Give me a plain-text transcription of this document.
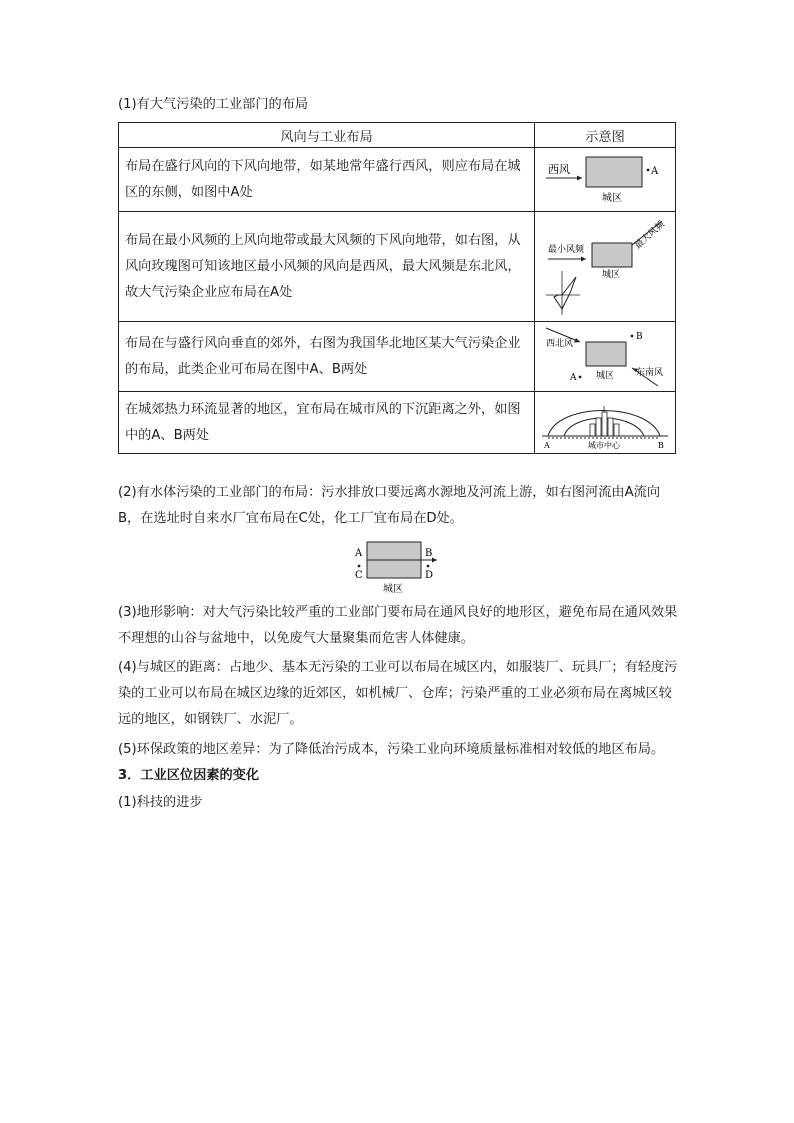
(1)有大气污染的工业部门的布局
风向与工业布局	示意图
布局在盛行风向的下风向地带，如某地常年盛行西风，则应布局在城区的东侧，如图中A处	西风 A
城区

布局在最小风频的上风向地带或最大风频的下风向地带，如右图，从风向玫瑰图可知该地区最小风频的风向是西风，最大风频是东北风，故大气污染企业应布局在A处	最小风频
城区
最大风频

布局在与盛行风向垂直的郊外，右图为我国华北地区某大气污染企业的布局，此类企业可布局在图中A、B两处	西北风
B
A 城区 东南风

在城郊热力环流显著的地区，宜布局在城市风的下沉距离之外，如图中的A、B两处	A 城市中心 B
(2)有水体污染的工业部门的布局：污水排放口要远离水源地及河流上游，如右图河流由A流向B，在选址时自来水厂宜布局在C处，化工厂宜布局在D处。
A	B
C	D
城区
(3)地形影响：对大气污染比较严重的工业部门要布局在通风良好的地形区，避免布局在通风效果不理想的山谷与盆地中，以免废气大量聚集而危害人体健康。
(4)与城区的距离：占地少、基本无污染的工业可以布局在城区内，如服装厂、玩具厂；有轻度污染的工业可以布局在城区边缘的近郊区，如机械厂、仓库；污染严重的工业必须布局在离城区较远的地区，如钢铁厂、水泥厂。
(5)环保政策的地区差异：为了降低治污成本，污染工业向环境质量标准相对较低的地区布局。
3．工业区位因素的变化
(1)科技的进步
